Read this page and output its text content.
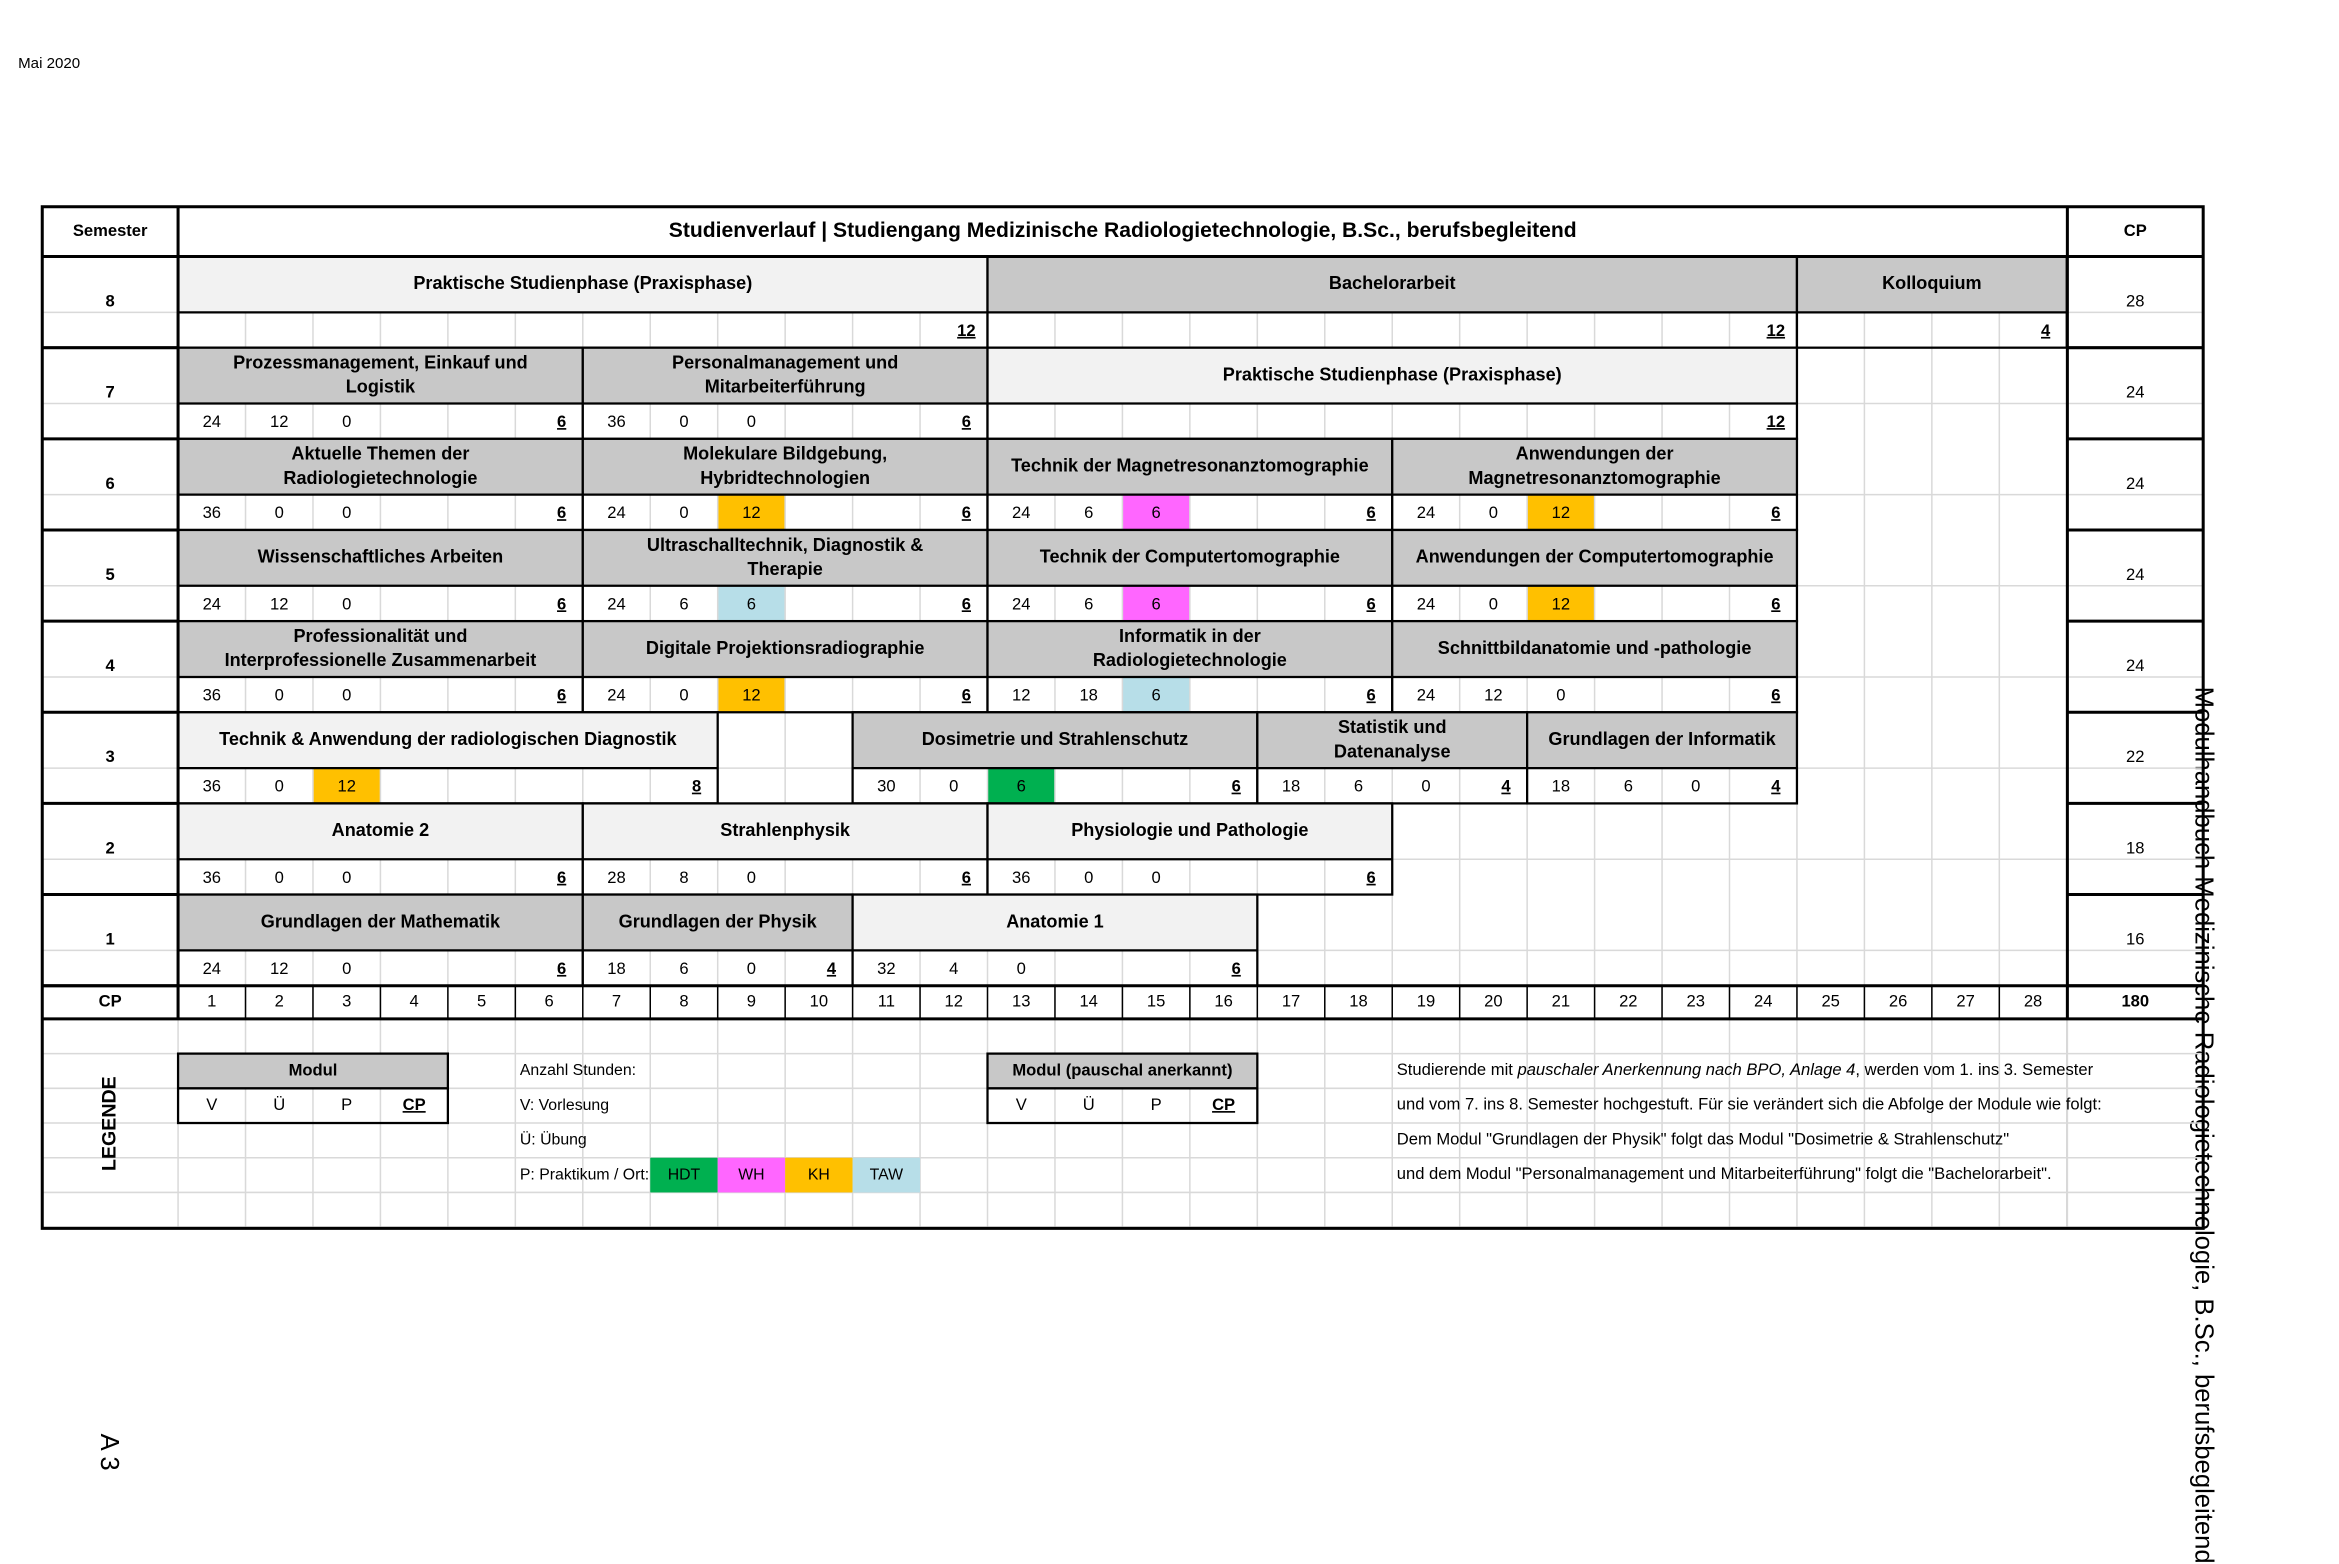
Mai 2020
Modulhandbuch Medizinische Radiologietechnologie, B.Sc., berufsbegleitend
A 3
Semester	Studienverlauf | Studiengang Medizinische Radiologietechnologie, B.Sc., berufsbegleitend	CP
8	28
Praktische Studienphase (Praxisphase)
12
Bachelorarbeit
12
Kolloquium
4
7	24
Prozessmanagement, Einkauf und Logistik
24	12	0	6
Personalmanagement und Mitarbeiterführung
36	0	0	6
Praktische Studienphase (Praxisphase)
12
6	24
Aktuelle Themen der Radiologietechnologie
36	0	0	6
Molekulare Bildgebung, Hybridtechnologien
24	0	12	6
Technik der Magnetresonanztomographie
24	6	6	6
Anwendungen der Magnetresonanztomographie
24	0	12	6
5	24
Wissenschaftliches Arbeiten
24	12	0	6
Ultraschalltechnik, Diagnostik & Therapie
24	6	6	6
Technik der Computertomographie
24	6	6	6
Anwendungen der Computertomographie
24	0	12	6
4	24
Professionalität und Interprofessionelle Zusammenarbeit
36	0	0	6
Digitale Projektionsradiographie
24	0	12	6
Informatik in der Radiologietechnologie
12	18	6	6
Schnittbildanatomie und -pathologie
24	12	0	6
3	22
Technik & Anwendung der radiologischen Diagnostik
36	0	12	8
Dosimetrie und Strahlenschutz
30	0	6	6
Statistik und Datenanalyse
18	6	0	4
Grundlagen der Informatik
18	6	0	4
2	18
Anatomie 2
36	0	0	6
Strahlenphysik
28	8	0	6
Physiologie und Pathologie
36	0	0	6
1	16
Grundlagen der Mathematik
24	12	0	6
Grundlagen der Physik
18	6	0	4
Anatomie 1
32	4	0	6
CP	1	2	3	4	5	6	7	8	9	10	11	12	13	14	15	16	17	18	19	20	21	22	23	24	25	26	27	28	180
LEGENDE
Modul
V	Ü	P	CP
Modul (pauschal anerkannt)
V	Ü	P	CP
Anzahl Stunden:
V: Vorlesung
Ü: Übung
P: Praktikum / Ort: HDT	WH	KH	TAW
Studierende mit pauschaler Anerkennung nach BPO, Anlage 4, werden vom 1. ins 3. Semester
und vom 7. ins 8. Semester hochgestuft. Für sie verändert sich die Abfolge der Module wie folgt:
Dem Modul "Grundlagen der Physik" folgt das Modul "Dosimetrie & Strahlenschutz"
und dem Modul "Personalmanagement und Mitarbeiterführung" folgt die "Bachelorarbeit".
